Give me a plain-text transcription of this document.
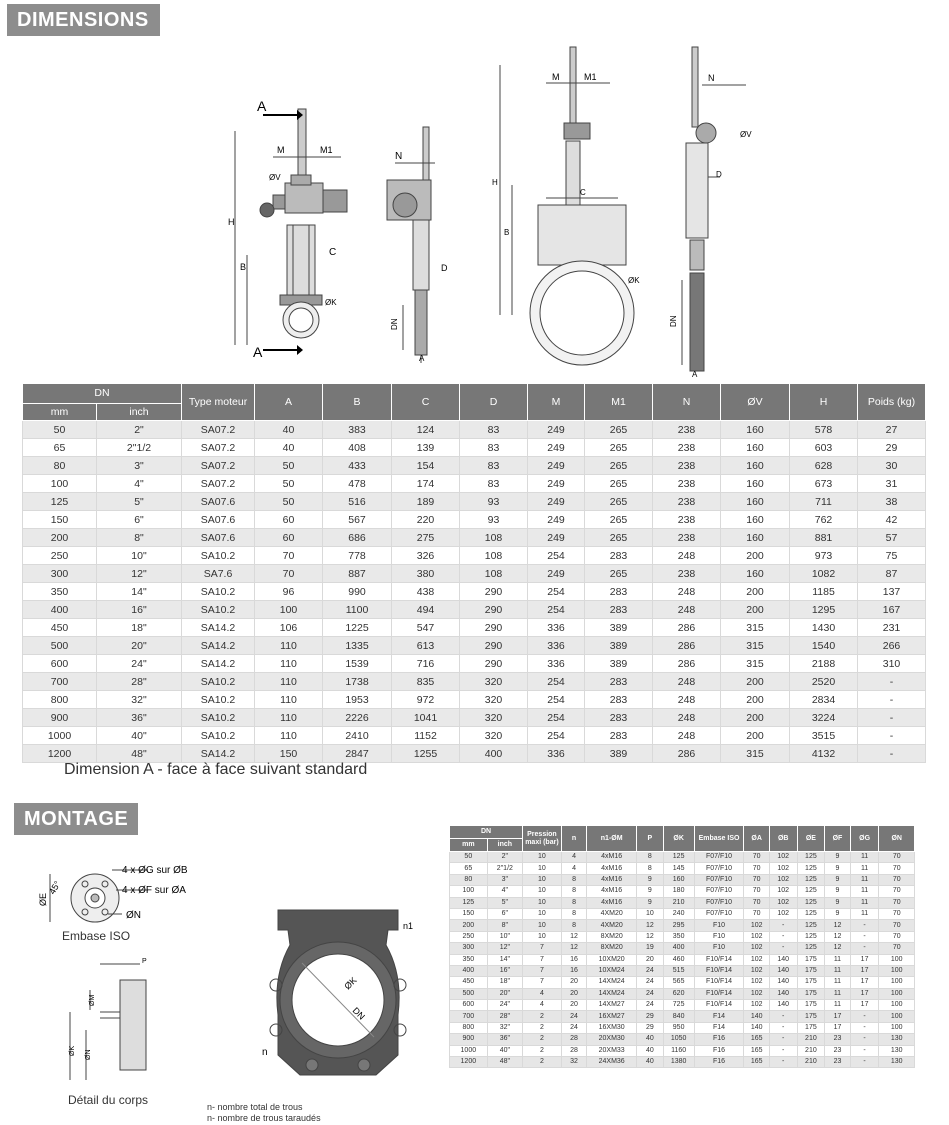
DIMENSIONS
A
A
H
B
C
M	M1
ØV
ØK
N
D
DN
A
M	M1
H
B
C
ØK
N
ØV
D
DN
A
DN		Type moteur	A	B	C	D	M	M1	N	ØV	H	Poids (kg)
mm	inch											
50	2"	SA07.2	40	383	124	83	249	265	238	160	578	27
65	2"1/2	SA07.2	40	408	139	83	249	265	238	160	603	29
80	3"	SA07.2	50	433	154	83	249	265	238	160	628	30
100	4"	SA07.2	50	478	174	83	249	265	238	160	673	31
125	5"	SA07.6	50	516	189	93	249	265	238	160	711	38
150	6"	SA07.6	60	567	220	93	249	265	238	160	762	42
200	8"	SA07.6	60	686	275	108	249	265	238	160	881	57
250	10"	SA10.2	70	778	326	108	254	283	248	200	973	75
300	12"	SA7.6	70	887	380	108	249	265	238	160	1082	87
350	14"	SA10.2	96	990	438	290	254	283	248	200	1185	137
400	16"	SA10.2	100	1100	494	290	254	283	248	200	1295	167
450	18"	SA14.2	106	1225	547	290	336	389	286	315	1430	231
500	20"	SA14.2	110	1335	613	290	336	389	286	315	1540	266
600	24"	SA14.2	110	1539	716	290	336	389	286	315	2188	310
700	28"	SA10.2	110	1738	835	320	254	283	248	200	2520	-
800	32"	SA10.2	110	1953	972	320	254	283	248	200	2834	-
900	36"	SA10.2	110	2226	1041	320	254	283	248	200	3224	-
1000	40"	SA10.2	110	2410	1152	320	254	283	248	200	3515	-
1200	48"	SA14.2	150	2847	1255	400	336	389	286	315	4132	-
Dimension A - face à face suivant standard
MONTAGE
4 x ØG sur ØB
4 x ØF sur ØA
ØN
ØE
45°
Embase ISO
P
ØM
ØK ØN
Détail du corps
n1
n
ØK
DN
n- nombre total de trous
n- nombre de trous taraudés
DN		Pression maxi (bar)	n	n1-ØM	P	ØK	Embase ISO	ØA	ØB	ØE	ØF	ØG	ØN
mm	inch												
50	2"	10	4	4xM16	8	125	F07/F10	70	102	125	9	11	70
65	2"1/2	10	4	4xM16	8	145	F07/F10	70	102	125	9	11	70
80	3"	10	8	4xM16	9	160	F07/F10	70	102	125	9	11	70
100	4"	10	8	4xM16	9	180	F07/F10	70	102	125	9	11	70
125	5"	10	8	4xM16	9	210	F07/F10	70	102	125	9	11	70
150	6"	10	8	4XM20	10	240	F07/F10	70	102	125	9	11	70
200	8"	10	8	4XM20	12	295	F10	102	-	125	12	-	70
250	10"	10	12	8XM20	12	350	F10	102	-	125	12	-	70
300	12"	7	12	8XM20	19	400	F10	102	-	125	12	-	70
350	14"	7	16	10XM20	20	460	F10/F14	102	140	175	11	17	100
400	16"	7	16	10XM24	24	515	F10/F14	102	140	175	11	17	100
450	18"	7	20	14XM24	24	565	F10/F14	102	140	175	11	17	100
500	20"	4	20	14XM24	24	620	F10/F14	102	140	175	11	17	100
600	24"	4	20	14XM27	24	725	F10/F14	102	140	175	11	17	100
700	28"	2	24	16XM27	29	840	F14	140	-	175	17	-	100
800	32"	2	24	16XM30	29	950	F14	140	-	175	17	-	100
900	36"	2	28	20XM30	40	1050	F16	165	-	210	23	-	130
1000	40"	2	28	20XM33	40	1160	F16	165	-	210	23	-	130
1200	48"	2	32	24XM36	40	1380	F16	165	-	210	23	-	130
